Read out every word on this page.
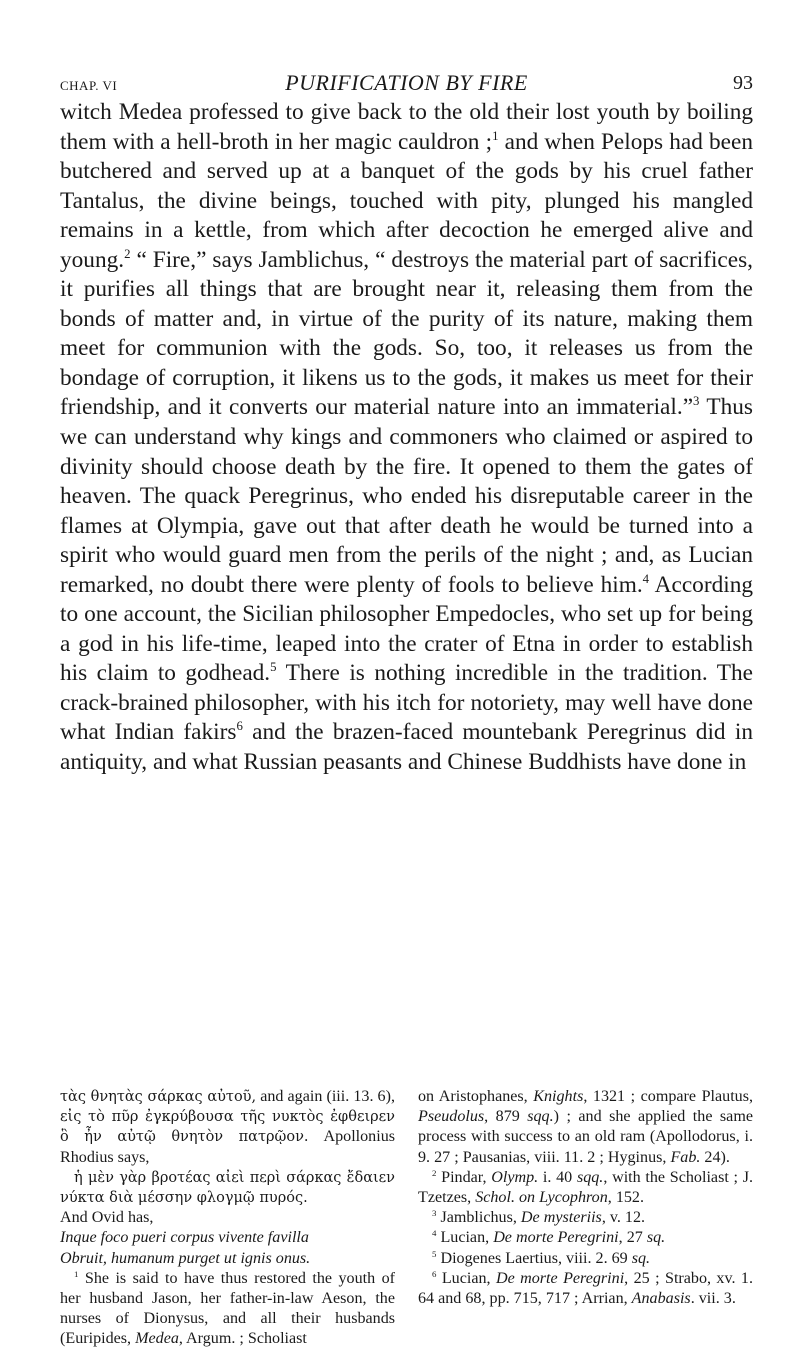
CHAP. VI	PURIFICATION BY FIRE	93

witch Medea professed to give back to the old their lost youth by boiling them with a hell-broth in her magic cauldron ;$^1$ and when Pelops had been butchered and served up at a banquet of the gods by his cruel father Tantalus, the divine beings, touched with pity, plunged his mangled remains in a kettle, from which after decoction he emerged alive and young.$^2$ “ Fire,” says Jamblichus, “ destroys the material part of sacrifices, it purifies all things that are brought near it, releasing them from the bonds of matter and, in virtue of the purity of its nature, making them meet for communion with the gods. So, too, it releases us from the bondage of corruption, it likens us to the gods, it makes us meet for their friendship, and it converts our material nature into an immaterial.”$^3$ Thus we can understand why kings and commoners who claimed or aspired to divinity should choose death by the fire. It opened to them the gates of heaven. The quack Peregrinus, who ended his disreputable career in the flames at Olympia, gave out that after death he would be turned into a spirit who would guard men from the perils of the night ; and, as Lucian remarked, no doubt there were plenty of fools to believe him.$^4$ According to one account, the Sicilian philosopher Empedocles, who set up for being a god in his life-time, leaped into the crater of Etna in order to establish his claim to godhead.$^5$ There is nothing incredible in the tradition. The crack-brained philosopher, with his itch for notoriety, may well have done what Indian fakirs$^6$ and the brazen-faced mountebank Peregrinus did in antiquity, and what Russian peasants and Chinese Buddhists have done in

τὰς θνητὰς σάρκας αὐτοῦ, and again (iii. 13. 6), εἰς τὸ πῦρ ἐγκρύβουσα τῆς νυκτὸς ἐφθειρεν ὃ ἦν αὐτῷ θνητὸν πατρῷον. Apollonius Rhodius says,

ἡ μὲν γὰρ βροτέας αἰεὶ περὶ σάρκας ἔδαιεν νύκτα διὰ μέσσην φλογμῷ πυρός.

And Ovid has,

Inque foco pueri corpus vivente favilla

Obruit, humanum purget ut ignis onus.

$^1$ She is said to have thus restored the youth of her husband Jason, her father-in-law Aeson, the nurses of Dionysus, and all their husbands (Euripides, Medea, Argum. ; Scholiast

on Aristophanes, Knights, 1321 ; compare Plautus, Pseudolus, 879 sqq.) ; and she applied the same process with success to an old ram (Apollodorus, i. 9. 27 ; Pausanias, viii. 11. 2 ; Hyginus, Fab. 24).

$^2$ Pindar, Olymp. i. 40 sqq., with the Scholiast ; J. Tzetzes, Schol. on Lycophron, 152.

$^3$ Jamblichus, De mysteriis, v. 12.

$^4$ Lucian, De morte Peregrini, 27 sq.

$^5$ Diogenes Laertius, viii. 2. 69 sq.

$^6$ Lucian, De morte Peregrini, 25 ; Strabo, xv. 1. 64 and 68, pp. 715, 717 ; Arrian, Anabasis. vii. 3.
